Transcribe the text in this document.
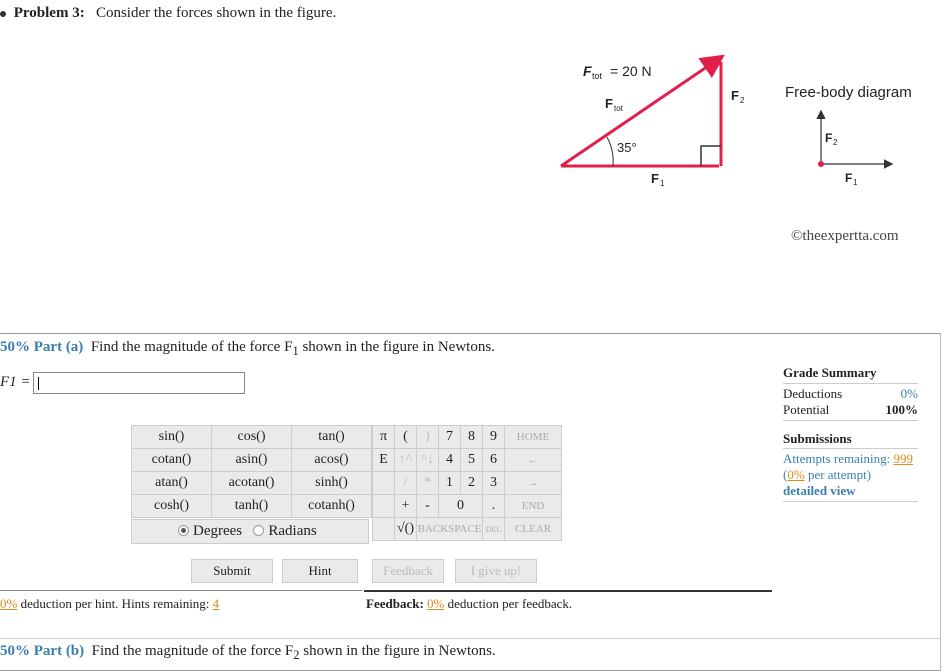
Problem 3: Consider the forces shown in the figure.
F tot = 20 N
F tot
35°
F 1
F 2	Free-body diagram
F 2
F 1
©theexpertta.com
50% Part (a) Find the magnitude of the force $F_1$ shown in the figure in Newtons.
F1 =
sin()	cos()	tan()
cotan()	asin()	acos()
atan()	acotan()	sinh()
cosh()	tanh()	cotanh()
Degrees Radians
π	(	)	7	8	9	HOME
E	↑^	^↓	4	5	6	←
	/	*	1	2	3	→
	+	-	0		.	END
	√()	BACKSPACE			DEL	CLEAR
Submit	Hint	Feedback	I give up!
0% deduction per hint. Hints remaining: 4	Feedback: 0% deduction per feedback.
Grade Summary
Deductions	0%
Potential	100%
Submissions
Attempts remaining: 999
(0% per attempt)
detailed view
50% Part (b) Find the magnitude of the force $F_2$ shown in the figure in Newtons.
